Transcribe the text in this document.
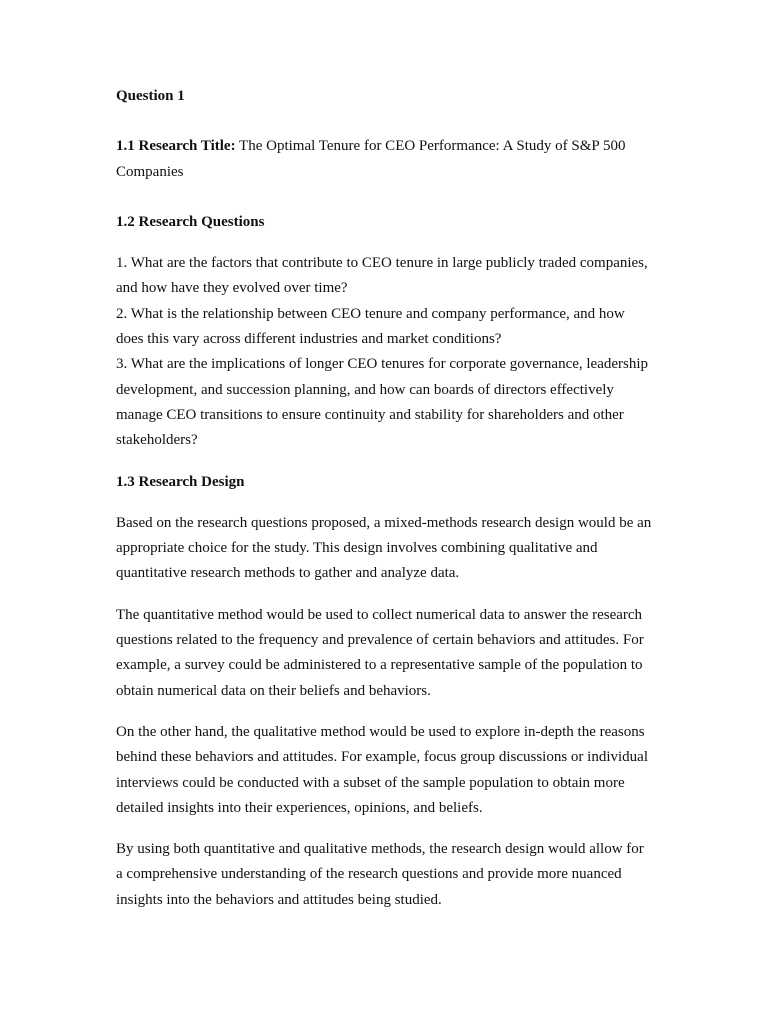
Question 1
1.1 Research Title: The Optimal Tenure for CEO Performance: A Study of S&P 500 Companies
1.2 Research Questions
1. What are the factors that contribute to CEO tenure in large publicly traded companies, and how have they evolved over time?
2. What is the relationship between CEO tenure and company performance, and how does this vary across different industries and market conditions?
3. What are the implications of longer CEO tenures for corporate governance, leadership development, and succession planning, and how can boards of directors effectively manage CEO transitions to ensure continuity and stability for shareholders and other stakeholders?
1.3 Research Design

Based on the research questions proposed, a mixed-methods research design would be an appropriate choice for the study. This design involves combining qualitative and quantitative research methods to gather and analyze data.

The quantitative method would be used to collect numerical data to answer the research questions related to the frequency and prevalence of certain behaviors and attitudes. For example, a survey could be administered to a representative sample of the population to obtain numerical data on their beliefs and behaviors.

On the other hand, the qualitative method would be used to explore in-depth the reasons behind these behaviors and attitudes. For example, focus group discussions or individual interviews could be conducted with a subset of the sample population to obtain more detailed insights into their experiences, opinions, and beliefs.

By using both quantitative and qualitative methods, the research design would allow for a comprehensive understanding of the research questions and provide more nuanced insights into the behaviors and attitudes being studied.
